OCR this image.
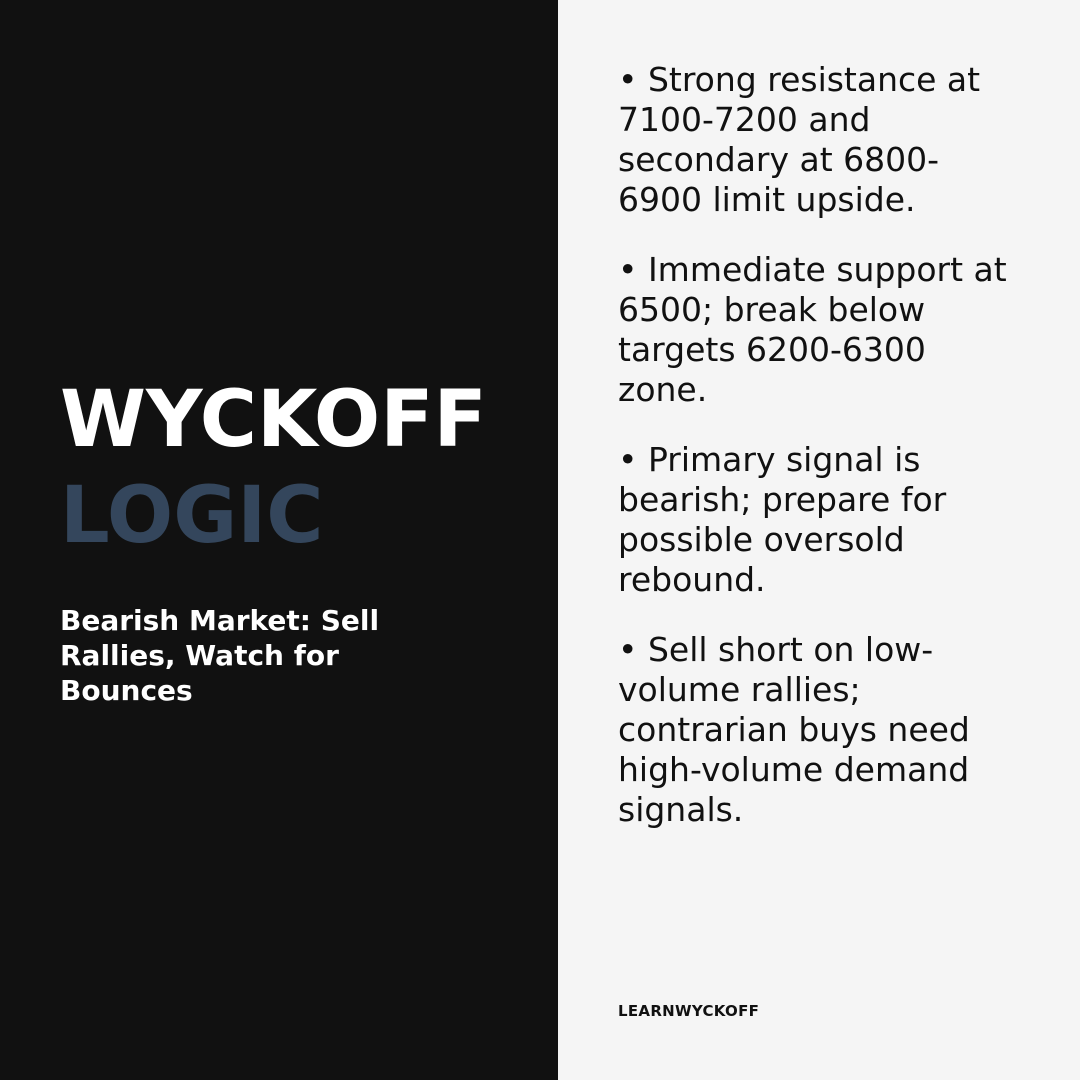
WYCKOFF
LOGIC

Bearish Market: Sell Rallies, Watch for Bounces

• Strong resistance at 7100-7200 and secondary at 6800-6900 limit upside.
• Immediate support at 6500; break below targets 6200-6300 zone.
• Primary signal is bearish; prepare for possible oversold rebound.
• Sell short on low-volume rallies; contrarian buys need high-volume demand signals.

LEARNWYCKOFF
